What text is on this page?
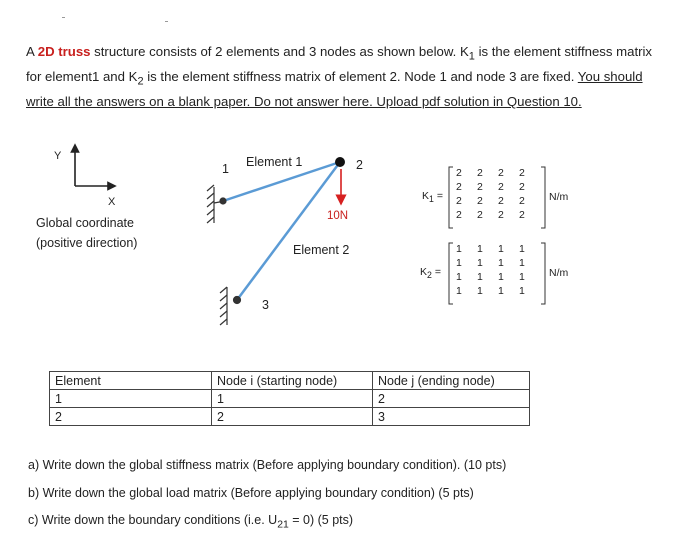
A 2D truss structure consists of 2 elements and 3 nodes as shown below. $K_1$ is the element stiffness matrix for element1 and $K_2$ is the element stiffness matrix of element 2. Node 1 and node 3 are fixed. You should write all the answers on a blank paper. Do not answer here. Upload pdf solution in Question 10.
Y
X
Global coordinate
(positive direction)
1 Element 1	2
10N
Element 2
3
$K_1$ =
2	2	2	2
2	2	2	2
2	2	2	2
2	2	2	2
N/m
$K_2$ =
1	1	1	1
1	1	1	1
1	1	1	1
1	1	1	1
N/m
Element	Node i (starting node)	Node j (ending node)
1	1	2
2	2	3
a) Write down the global stiffness matrix (Before applying boundary condition). (10 pts)
b) Write down the global load matrix (Before applying boundary condition) (5 pts)
c) Write down the boundary conditions (i.e. $U_{21} = 0$) (5 pts)
